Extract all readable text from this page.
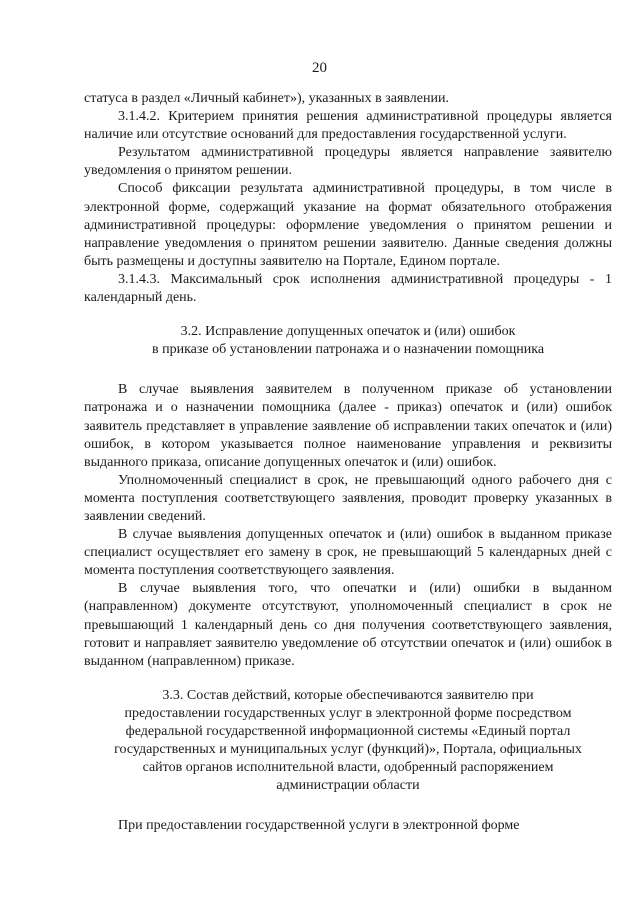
20

статуса в раздел «Личный кабинет»), указанных в заявлении.

3.1.4.2. Критерием принятия решения административной процедуры является наличие или отсутствие оснований для предоставления государственной услуги.

Результатом административной процедуры является направление заявителю уведомления о принятом решении.

Способ фиксации результата административной процедуры, в том числе в электронной форме, содержащий указание на формат обязательного отображения административной процедуры: оформление уведомления о принятом решении и направление уведомления о принятом решении заявителю. Данные сведения должны быть размещены и доступны заявителю на Портале, Едином портале.

3.1.4.3. Максимальный срок исполнения административной процедуры - 1 календарный день.

3.2. Исправление допущенных опечаток и (или) ошибок
в приказе об установлении патронажа и о назначении помощника

В случае выявления заявителем в полученном приказе об установлении патронажа и о назначении помощника (далее - приказ) опечаток и (или) ошибок заявитель представляет в управление заявление об исправлении таких опечаток и (или) ошибок, в котором указывается полное наименование управления и реквизиты выданного приказа, описание допущенных опечаток и (или) ошибок.

Уполномоченный специалист в срок, не превышающий одного рабочего дня с момента поступления соответствующего заявления, проводит проверку указанных в заявлении сведений.

В случае выявления допущенных опечаток и (или) ошибок в выданном приказе специалист осуществляет его замену в срок, не превышающий 5 календарных дней с момента поступления соответствующего заявления.

В случае выявления того, что опечатки и (или) ошибки в выданном (направленном) документе отсутствуют, уполномоченный специалист в срок не превышающий 1 календарный день со дня получения соответствующего заявления, готовит и направляет заявителю уведомление об отсутствии опечаток и (или) ошибок в выданном (направленном) приказе.

3.3. Состав действий, которые обеспечиваются заявителю при
предоставлении государственных услуг в электронной форме посредством
федеральной государственной информационной системы «Единый портал
государственных и муниципальных услуг (функций)», Портала, официальных
сайтов органов исполнительной власти, одобренный распоряжением
администрации области

При предоставлении государственной услуги в электронной форме
